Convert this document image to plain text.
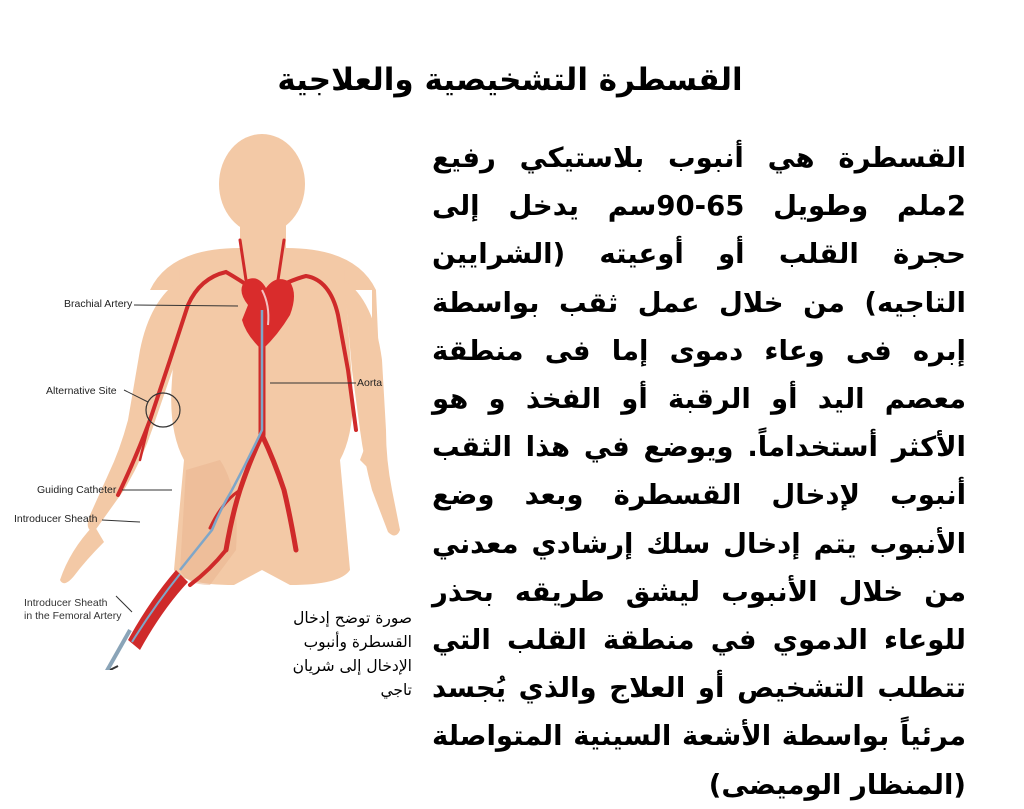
القسطرة التشخيصية والعلاجية

القسطرة هي أنبوب بلاستيكي رفيع 2ملم وطويل 65-90سم يدخل إلى حجرة القلب أو أوعيته (الشرايين التاجيه) من خلال عمل ثقب بواسطة إبره فى وعاء دموى إما فى منطقة معصم اليد أو الرقبة أو الفخذ و هو الأكثر أستخداماً. ويوضع في هذا الثقب أنبوب لإدخال القسطرة وبعد وضع الأنبوب يتم إدخال سلك إرشادي معدني من خلال الأنبوب ليشق طريقه بحذر للوعاء الدموي في منطقة القلب التي تتطلب التشخيص أو العلاج والذي يُجسد مرئياً بواسطة الأشعة السينية المتواصلة (المنظار الوميضى)

Brachial Artery
Aorta
Alternative Site
Guiding Catheter
Introducer Sheath
Introducer Sheath
in the Femoral Artery	صورة توضح إدخال القسطرة وأنبوب الإدخال إلى شريان تاجي
